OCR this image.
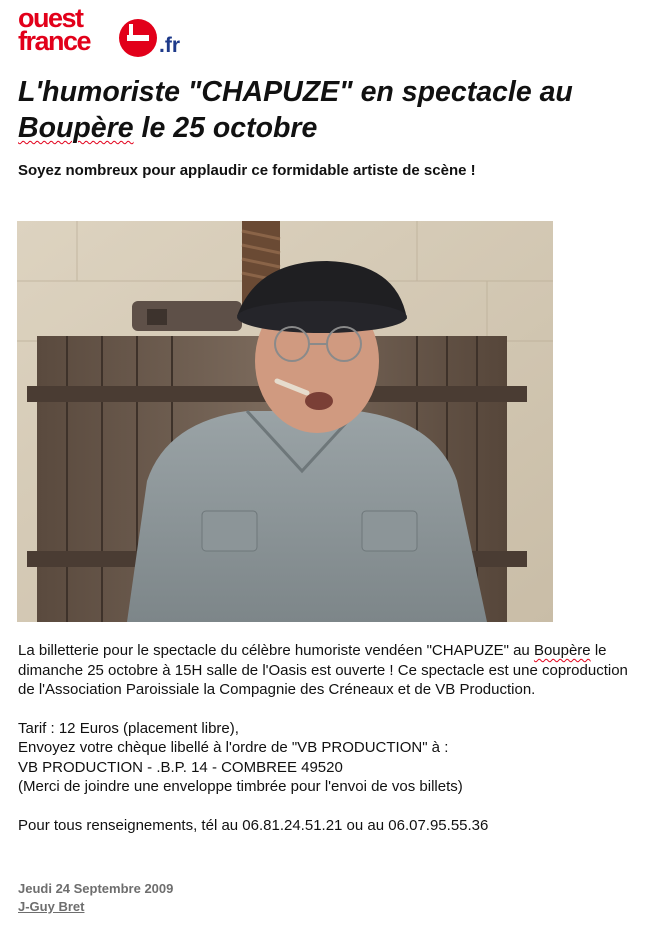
ouest
france	.fr
L'humoriste "CHAPUZE" en spectacle au Boupère le 25 octobre

Soyez nombreux pour applaudir ce formidable artiste de scène !

La billetterie pour le spectacle du célèbre humoriste vendéen "CHAPUZE" au Boupère le dimanche 25 octobre à 15H salle de l'Oasis est ouverte ! Ce spectacle est une coproduction de l'Association Paroissiale la Compagnie des Créneaux et de VB Production.

Tarif : 12 Euros (placement libre),

Envoyez votre chèque libellé à l'ordre de "VB PRODUCTION" à :

VB PRODUCTION - .B.P. 14 - COMBREE 49520

(Merci de joindre une enveloppe timbrée pour l'envoi de vos billets)

Pour tous renseignements, tél au 06.81.24.51.21 ou au 06.07.95.55.36

Jeudi 24 Septembre 2009
J-Guy Bret
